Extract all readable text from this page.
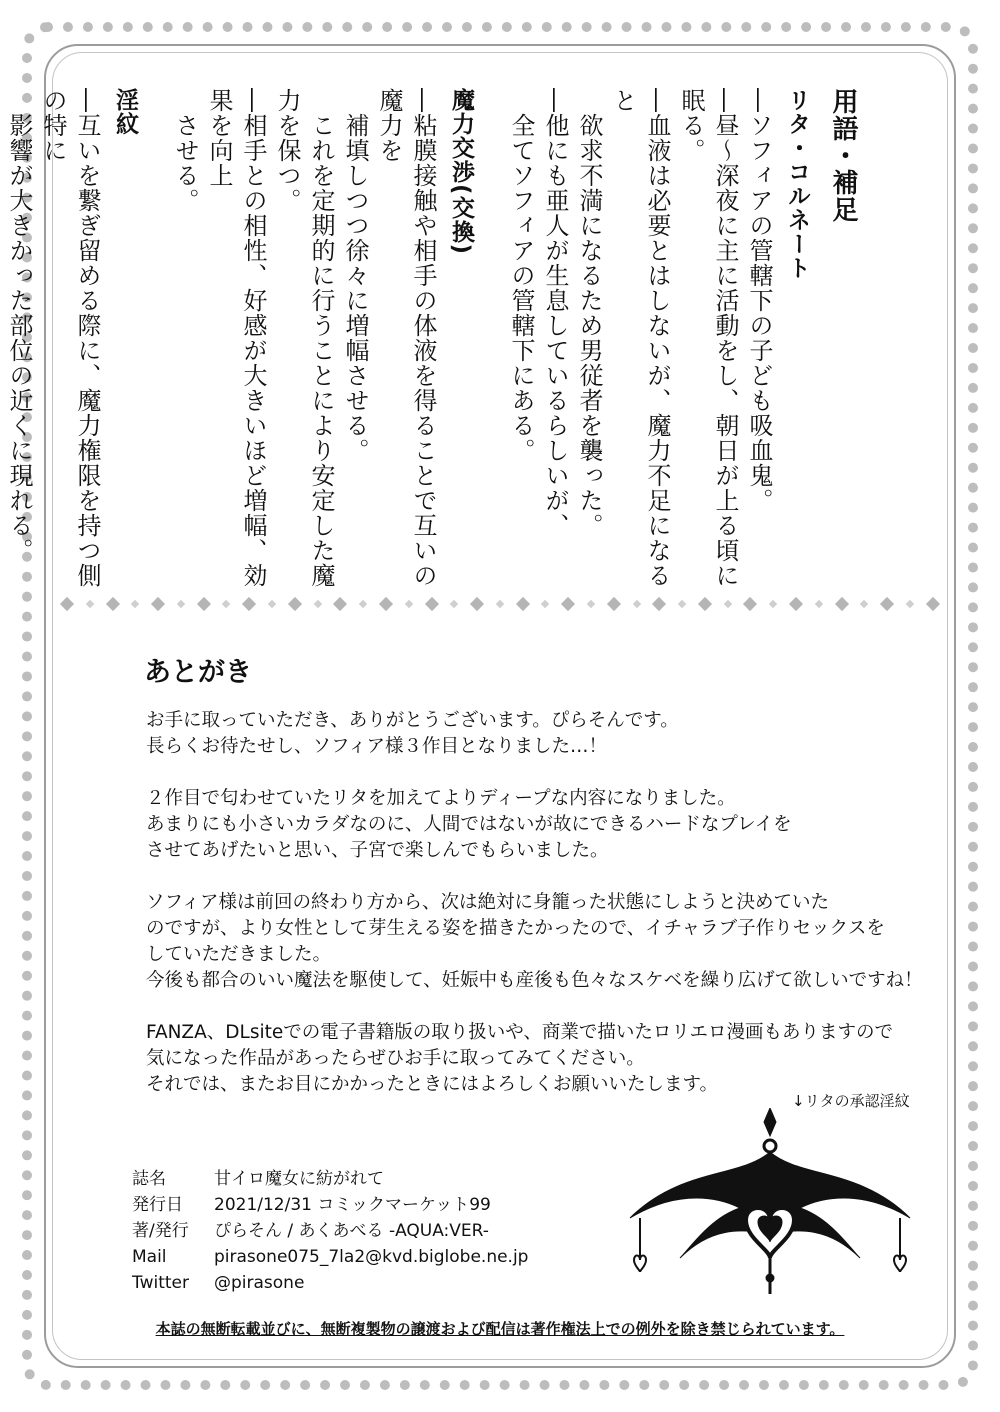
用語・補足
リタ・コルネート
―ソフィアの管轄下の子ども吸血鬼。
―昼～深夜に主に活動をし、朝日が上る頃に眠る。
―血液は必要とはしないが、魔力不足になると
　欲求不満になるため男従者を襲った。
―他にも亜人が生息しているらしいが、
　全てソフィアの管轄下にある。
魔力交渉(交換)
―粘膜接触や相手の体液を得ることで互いの魔力を
　補填しつつ徐々に増幅させる。
　これを定期的に行うことにより安定した魔力を保つ。
―相手との相性、好感が大きいほど増幅、効果を向上
　させる。
淫紋
―互いを繋ぎ留める際に、魔力権限を持つ側の特に
　影響が大きかった部位の近くに現れる。
あとがき

お手に取っていただき、ありがとうございます。ぴらそんです。
長らくお待たせし、ソフィア様３作目となりました…！

２作目で匂わせていたリタを加えてよりディープな内容になりました。
あまりにも小さいカラダなのに、人間ではないが故にできるハードなプレイを
させてあげたいと思い、子宮で楽しんでもらいました。

ソフィア様は前回の終わり方から、次は絶対に身籠った状態にしようと決めていた
のですが、より女性として芽生える姿を描きたかったので、イチャラブ子作りセックスを
していただきました。
今後も都合のいい魔法を駆使して、妊娠中も産後も色々なスケベを繰り広げて欲しいですね！

FANZA、DLsiteでの電子書籍版の取り扱いや、商業で描いたロリエロ漫画もありますので
気になった作品があったらぜひお手に取ってみてください。
それでは、またお目にかかったときにはよろしくお願いいたします。

↓リタの承認淫紋
誌名	甘イロ魔女に紡がれて
発行日	2021/12/31 コミックマーケット99
著/発行	ぴらそん / あくあべる -AQUA:VER-
Mail	pirasone075_7la2@kvd.biglobe.ne.jp
Twitter	@pirasone
本誌の無断転載並びに、無断複製物の譲渡および配信は著作権法上での例外を除き禁じられています。
